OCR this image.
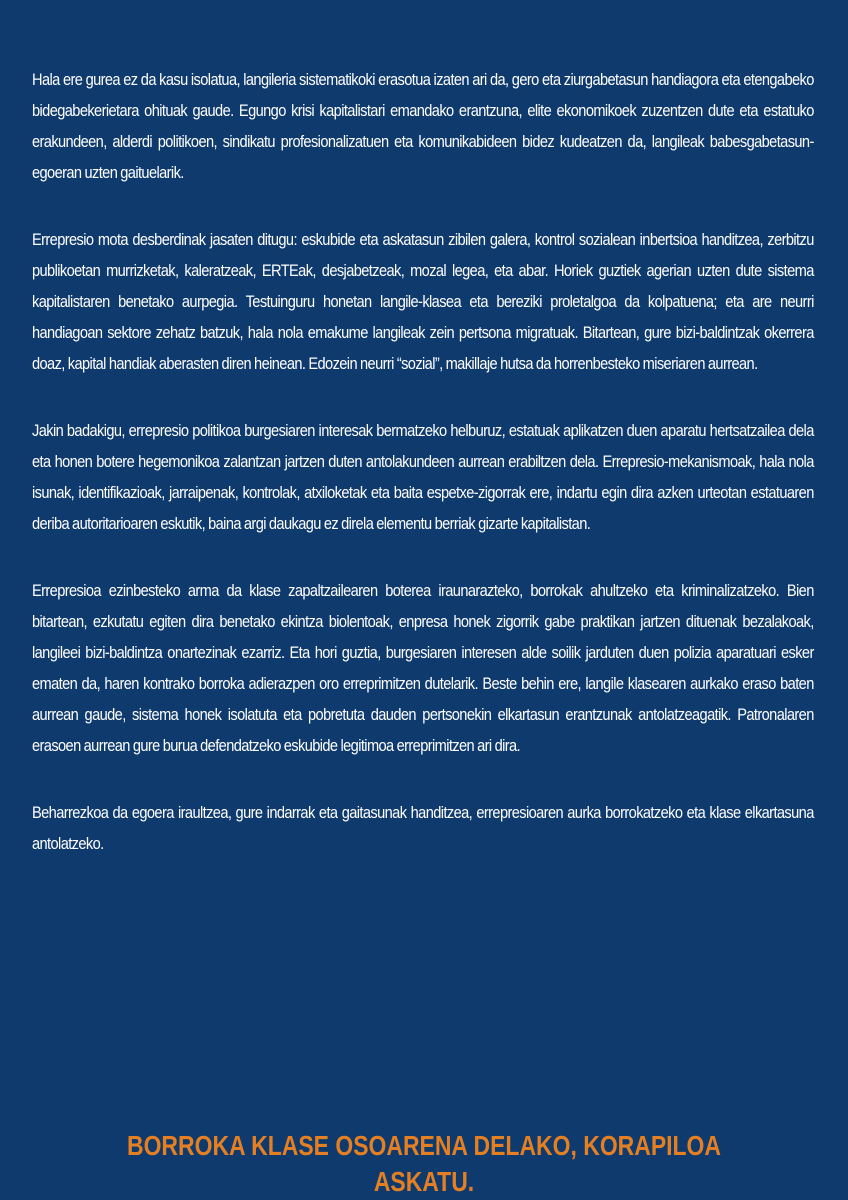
Hala ere gurea ez da kasu isolatua, langileria sistematikoki erasotua izaten ari da, gero eta ziurgabetasun handiagora eta etengabeko bidegabekerietara ohituak gaude. Egungo krisi kapitalistari emandako erantzuna, elite ekonomikoek zuzentzen dute eta estatuko erakundeen, alderdi politikoen, sindikatu profesionalizatuen eta komunikabideen bidez kudeatzen da, langileak babesgabetasun-egoeran uzten gaituelarik.

Errepresio mota desberdinak jasaten ditugu: eskubide eta askatasun zibilen galera, kontrol sozialean inbertsioa handitzea, zerbitzu publikoetan murrizketak, kaleratzeak, ERTEak, desjabetzeak, mozal legea, eta abar. Horiek guztiek agerian uzten dute sistema kapitalistaren benetako aurpegia. Testuinguru honetan langile-klasea eta bereziki proletalgoa da kolpatuena; eta are neurri handiagoan sektore zehatz batzuk, hala nola emakume langileak zein pertsona migratuak. Bitartean, gure bizi-baldintzak okerrera doaz, kapital handiak aberasten diren heinean. Edozein neurri “sozial”, makillaje hutsa da horrenbesteko miseriaren aurrean.

Jakin badakigu, errepresio politikoa burgesiaren interesak bermatzeko helburuz, estatuak aplikatzen duen aparatu hertsatzailea dela eta honen botere hegemonikoa zalantzan jartzen duten antolakundeen aurrean erabiltzen dela. Errepresio-mekanismoak, hala nola isunak, identifikazioak, jarraipenak, kontrolak, atxiloketak eta baita espetxe-zigorrak ere, indartu egin dira azken urteotan estatuaren deriba autoritarioaren eskutik, baina argi daukagu ez direla elementu berriak gizarte kapitalistan.

Errepresioa ezinbesteko arma da klase zapaltzailearen boterea iraunarazteko, borrokak ahultzeko eta kriminalizatzeko. Bien bitartean, ezkutatu egiten dira benetako ekintza biolentoak, enpresa honek zigorrik gabe praktikan jartzen dituenak bezalakoak, langileei bizi-baldintza onartezinak ezarriz. Eta hori guztia, burgesiaren interesen alde soilik jarduten duen polizia aparatuari esker ematen da, haren kontrako borroka adierazpen oro erreprimitzen dutelarik. Beste behin ere, langile klasearen aurkako eraso baten aurrean gaude, sistema honek isolatuta eta pobretuta dauden pertsonekin elkartasun erantzunak antolatzeagatik. Patronalaren erasoen aurrean gure burua defendatzeko eskubide legitimoa erreprimitzen ari dira.

Beharrezkoa da egoera iraultzea, gure indarrak eta gaitasunak handitzea, errepresioaren aurka borrokatzeko eta klase elkartasuna antolatzeko.

BORROKA KLASE OSOARENA DELAKO, KORAPILOA ASKATU.
